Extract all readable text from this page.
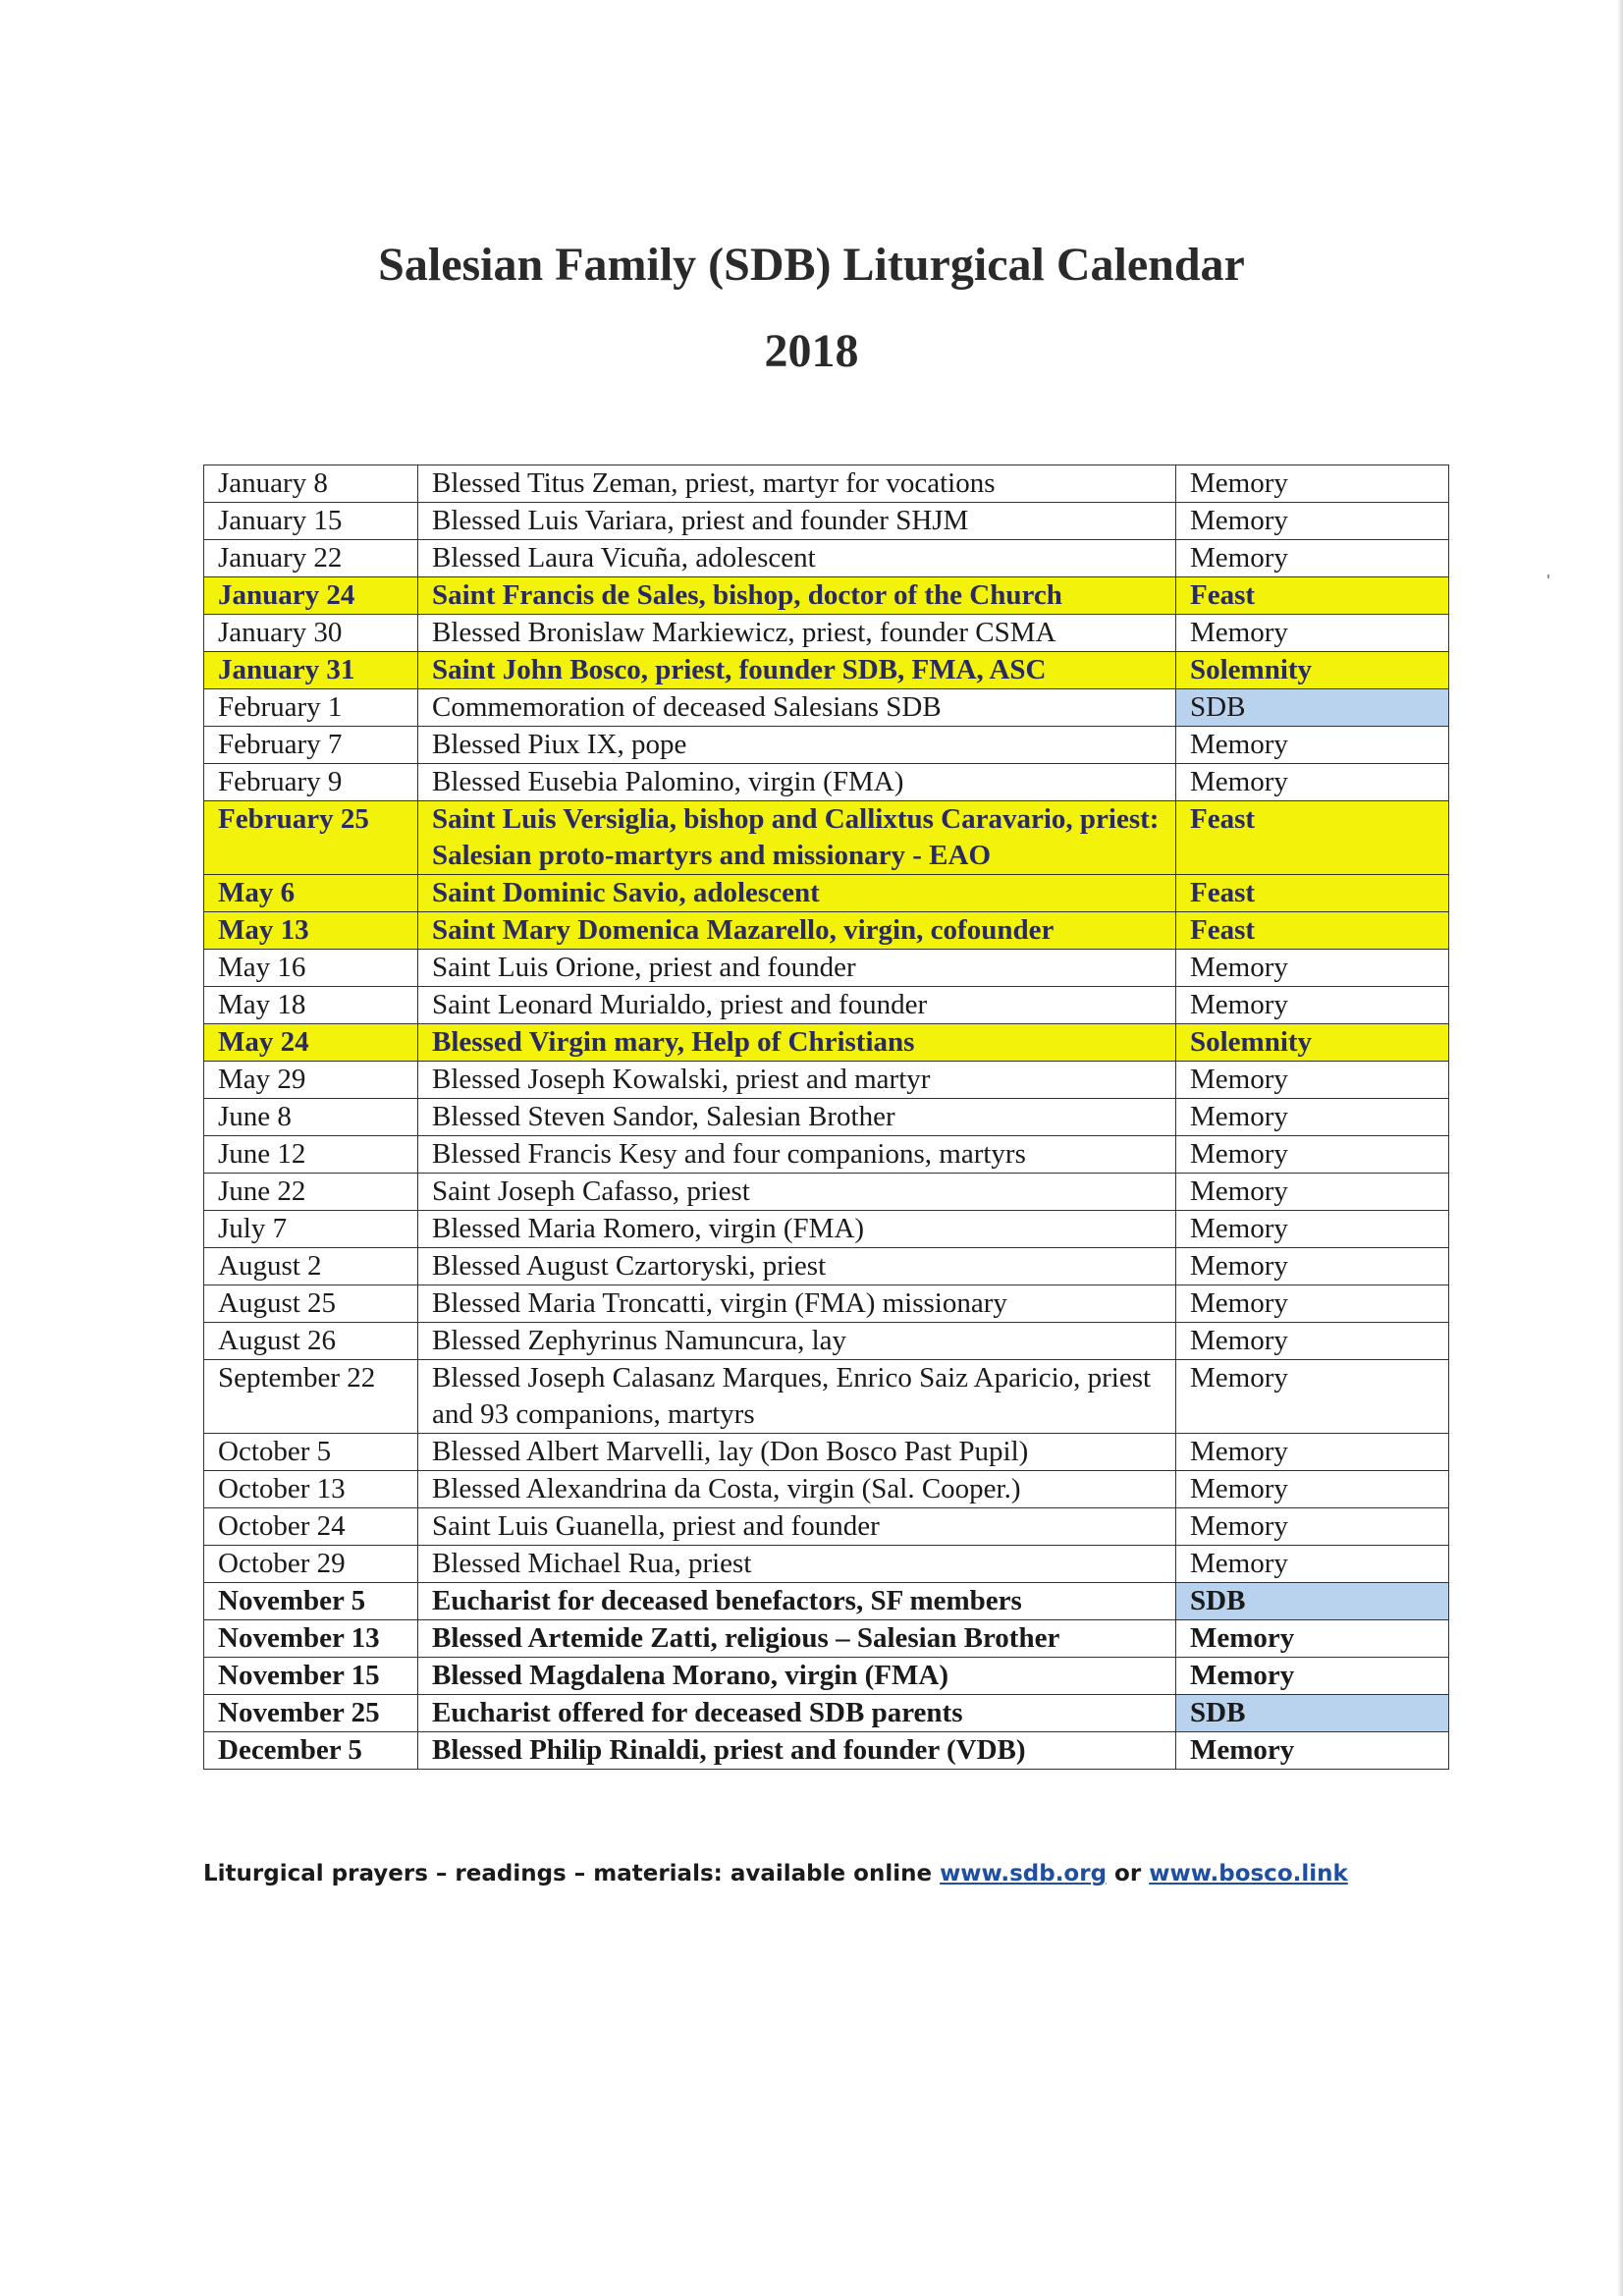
Salesian Family (SDB) Liturgical Calendar
2018
January 8	Blessed Titus Zeman, priest, martyr for vocations	Memory
January 15	Blessed Luis Variara, priest and founder SHJM	Memory
January 22	Blessed Laura Vicuña, adolescent	Memory
January 24	Saint Francis de Sales, bishop, doctor of the Church	Feast
January 30	Blessed Bronislaw Markiewicz, priest, founder CSMA	Memory
January 31	Saint John Bosco, priest, founder SDB, FMA, ASC	Solemnity
February 1	Commemoration of deceased Salesians SDB	SDB
February 7	Blessed Piux IX, pope	Memory
February 9	Blessed Eusebia Palomino, virgin (FMA)	Memory
February 25	Saint Luis Versiglia, bishop and Callixtus Caravario, priest: Salesian proto-martyrs and missionary - EAO	Feast
May 6	Saint Dominic Savio, adolescent	Feast
May 13	Saint Mary Domenica Mazarello, virgin, cofounder	Feast
May 16	Saint Luis Orione, priest and founder	Memory
May 18	Saint Leonard Murialdo, priest and founder	Memory
May 24	Blessed Virgin mary, Help of Christians	Solemnity
May 29	Blessed Joseph Kowalski, priest and martyr	Memory
June 8	Blessed Steven Sandor, Salesian Brother	Memory
June 12	Blessed Francis Kesy and four companions, martyrs	Memory
June 22	Saint Joseph Cafasso, priest	Memory
July 7	Blessed Maria Romero, virgin (FMA)	Memory
August 2	Blessed August Czartoryski, priest	Memory
August 25	Blessed Maria Troncatti, virgin (FMA) missionary	Memory
August 26	Blessed Zephyrinus Namuncura, lay	Memory
September 22	Blessed Joseph Calasanz Marques, Enrico Saiz Aparicio, priest and 93 companions, martyrs	Memory
October 5	Blessed Albert Marvelli, lay (Don Bosco Past Pupil)	Memory
October 13	Blessed Alexandrina da Costa, virgin (Sal. Cooper.)	Memory
October 24	Saint Luis Guanella, priest and founder	Memory
October 29	Blessed Michael Rua, priest	Memory
November 5	Eucharist for deceased benefactors, SF members	SDB
November 13	Blessed Artemide Zatti, religious – Salesian Brother	Memory
November 15	Blessed Magdalena Morano, virgin (FMA)	Memory
November 25	Eucharist offered for deceased SDB parents	SDB
December 5	Blessed Philip Rinaldi, priest and founder (VDB)	Memory
Liturgical prayers – readings – materials: available online www.sdb.org or www.bosco.link
